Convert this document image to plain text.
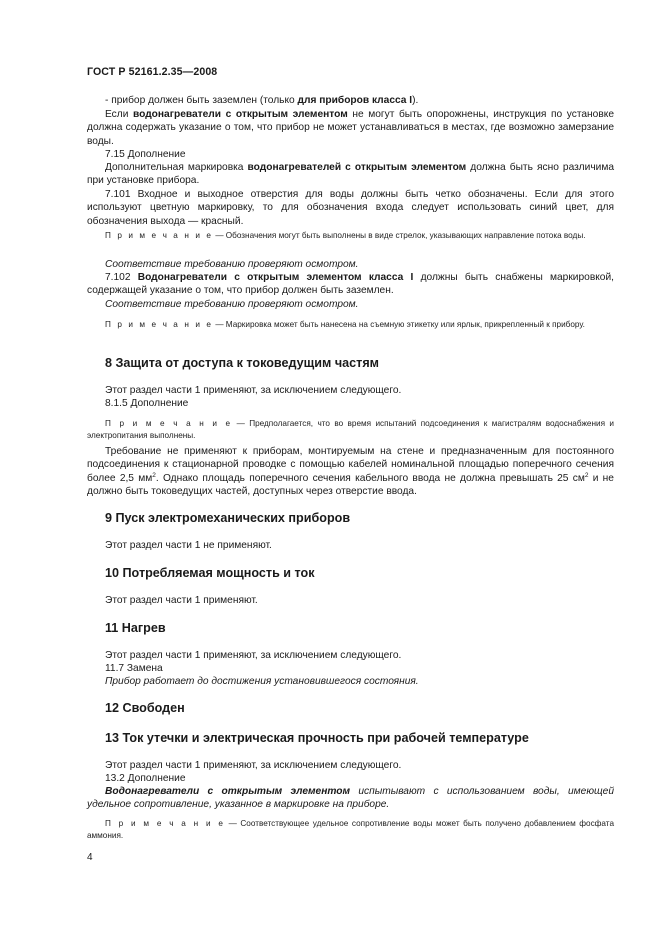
ГОСТ Р 52161.2.35—2008

- прибор должен быть заземлен (только для приборов класса I).

Если водонагреватели с открытым элементом не могут быть опорожнены, инструкция по установке должна содержать указание о том, что прибор не может устанавливаться в местах, где возможно замерзание воды.

7.15 Дополнение

Дополнительная маркировка водонагревателей с открытым элементом должна быть ясно различима при установке прибора.

7.101 Входное и выходное отверстия для воды должны быть четко обозначены. Если для этого используют цветную маркировку, то для обозначения входа следует использовать синий цвет, для обозначения выхода — красный.

П р и м е ч а н и е — Обозначения могут быть выполнены в виде стрелок, указывающих направление потока воды.

Соответствие требованию проверяют осмотром.

7.102 Водонагреватели с открытым элементом класса I должны быть снабжены маркировкой, содержащей указание о том, что прибор должен быть заземлен.

Соответствие требованию проверяют осмотром.

П р и м е ч а н и е — Маркировка может быть нанесена на съемную этикетку или ярлык, прикрепленный к прибору.

8 Защита от доступа к токоведущим частям

Этот раздел части 1 применяют, за исключением следующего.

8.1.5 Дополнение

П р и м е ч а н и е — Предполагается, что во время испытаний подсоединения к магистралям водоснабжения и электропитания выполнены.

Требование не применяют к приборам, монтируемым на стене и предназначенным для постоянного подсоединения к стационарной проводке с помощью кабелей номинальной площадью поперечного сечения более 2,5 $мм^2$. Однако площадь поперечного сечения кабельного ввода не должна превышать 25 $см^2$ и не должно быть токоведущих частей, доступных через отверстие ввода.

9 Пуск электромеханических приборов

Этот раздел части 1 не применяют.

10 Потребляемая мощность и ток

Этот раздел части 1 применяют.

11 Нагрев

Этот раздел части 1 применяют, за исключением следующего.

11.7 Замена

Прибор работает до достижения установившегося состояния.

12 Свободен

13 Ток утечки и электрическая прочность при рабочей температуре

Этот раздел части 1 применяют, за исключением следующего.

13.2 Дополнение

Водонагреватели с открытым элементом испытывают с использованием воды, имеющей удельное сопротивление, указанное в маркировке на приборе.

П р и м е ч а н и е — Соответствующее удельное сопротивление воды может быть получено добавлением фосфата аммония.

4
